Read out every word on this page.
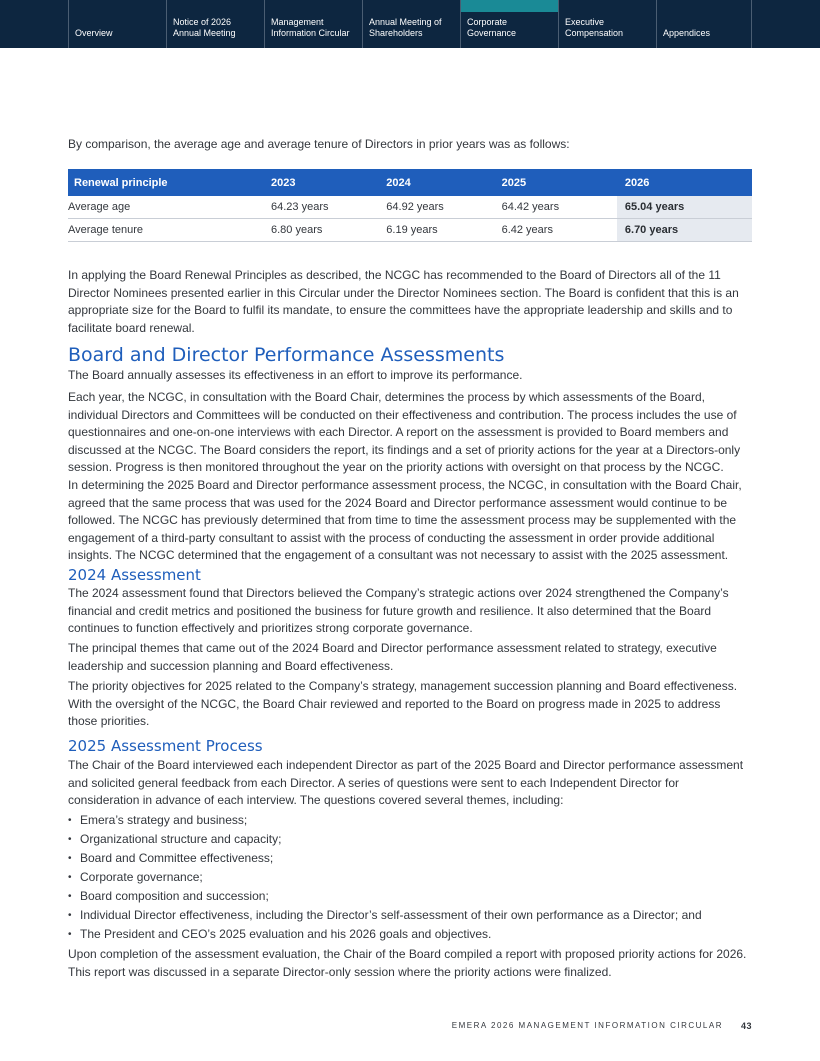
Overview
Notice of 2026
Annual Meeting
Management
Information Circular
Annual Meeting of
Shareholders
Corporate
Governance
Executive
Compensation	Appendices

By comparison, the average age and average tenure of Directors in prior years was as follows:

Renewal principle	2023	2024	2025	2026
Average age	64.23 years	64.92 years	64.42 years	65.04 years
Average tenure	6.80 years	6.19 years	6.42 years	6.70 years

In applying the Board Renewal Principles as described, the NCGC has recommended to the Board of Directors all of the 11 Director Nominees presented earlier in this Circular under the Director Nominees section. The Board is confident that this is an appropriate size for the Board to fulfil its mandate, to ensure the committees have the appropriate leadership and skills and to facilitate board renewal.

Board and Director Performance Assessments

The Board annually assesses its effectiveness in an effort to improve its performance.

Each year, the NCGC, in consultation with the Board Chair, determines the process by which assessments of the Board, individual Directors and Committees will be conducted on their effectiveness and contribution. The process includes the use of questionnaires and one-on-one interviews with each Director. A report on the assessment is provided to Board members and discussed at the NCGC. The Board considers the report, its findings and a set of priority actions for the year at a Directors-only session. Progress is then monitored throughout the year on the priority actions with oversight on that process by the NCGC.

In determining the 2025 Board and Director performance assessment process, the NCGC, in consultation with the Board Chair, agreed that the same process that was used for the 2024 Board and Director performance assessment would continue to be followed. The NCGC has previously determined that from time to time the assessment process may be supplemented with the engagement of a third-party consultant to assist with the process of conducting the assessment in order provide additional insights. The NCGC determined that the engagement of a consultant was not necessary to assist with the 2025 assessment.

2024 Assessment

The 2024 assessment found that Directors believed the Company’s strategic actions over 2024 strengthened the Company’s financial and credit metrics and positioned the business for future growth and resilience. It also determined that the Board continues to function effectively and prioritizes strong corporate governance.

The principal themes that came out of the 2024 Board and Director performance assessment related to strategy, executive leadership and succession planning and Board effectiveness.

The priority objectives for 2025 related to the Company’s strategy, management succession planning and Board effectiveness. With the oversight of the NCGC, the Board Chair reviewed and reported to the Board on progress made in 2025 to address those priorities.

2025 Assessment Process

The Chair of the Board interviewed each independent Director as part of the 2025 Board and Director performance assessment and solicited general feedback from each Director. A series of questions were sent to each Independent Director for consideration in advance of each interview. The questions covered several themes, including:

• Emera’s strategy and business;
• Organizational structure and capacity;
• Board and Committee effectiveness;
• Corporate governance;
• Board composition and succession;
• Individual Director effectiveness, including the Director’s self-assessment of their own performance as a Director; and
• The President and CEO’s 2025 evaluation and his 2026 goals and objectives.

Upon completion of the assessment evaluation, the Chair of the Board compiled a report with proposed priority actions for 2026. This report was discussed in a separate Director-only session where the priority actions were finalized.

EMERA 2026 MANAGEMENT INFORMATION CIRCULAR 43
